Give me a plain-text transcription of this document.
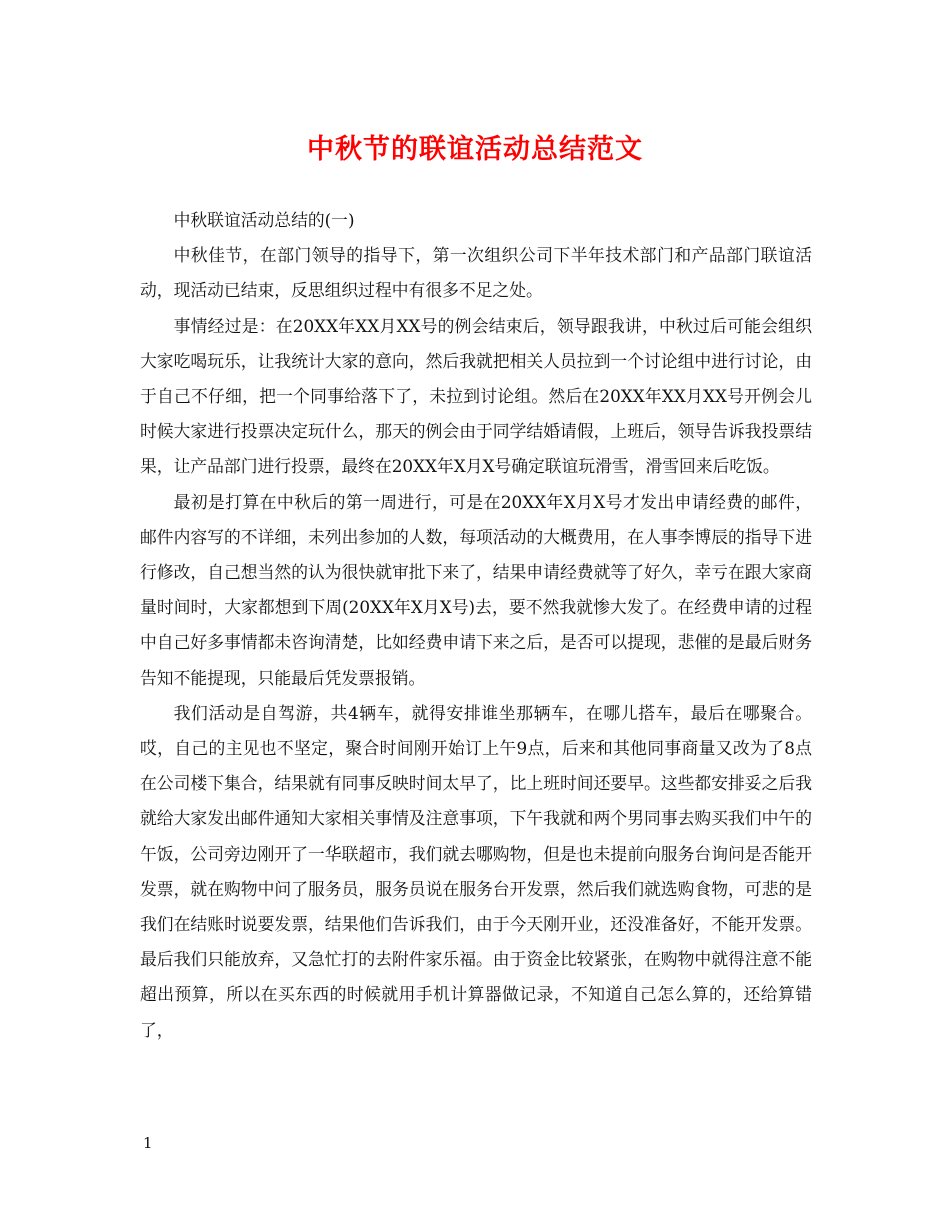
中秋节的联谊活动总结范文

中秋联谊活动总结的(一)

中秋佳节，在部门领导的指导下，第一次组织公司下半年技术部门和产品部门联谊活动，现活动已结束，反思组织过程中有很多不足之处。

事情经过是：在20XX年XX月XX号的例会结束后，领导跟我讲，中秋过后可能会组织大家吃喝玩乐，让我统计大家的意向，然后我就把相关人员拉到一个讨论组中进行讨论，由于自己不仔细，把一个同事给落下了，未拉到讨论组。然后在20XX年XX月XX号开例会儿时候大家进行投票决定玩什么，那天的例会由于同学结婚请假，上班后，领导告诉我投票结果，让产品部门进行投票，最终在20XX年X月X号确定联谊玩滑雪，滑雪回来后吃饭。

最初是打算在中秋后的第一周进行，可是在20XX年X月X号才发出申请经费的邮件，邮件内容写的不详细，未列出参加的人数，每项活动的大概费用，在人事李博辰的指导下进行修改，自己想当然的认为很快就审批下来了，结果申请经费就等了好久，幸亏在跟大家商量时间时，大家都想到下周(20XX年X月X号)去，要不然我就惨大发了。在经费申请的过程中自己好多事情都未咨询清楚，比如经费申请下来之后，是否可以提现，悲催的是最后财务告知不能提现，只能最后凭发票报销。

我们活动是自驾游，共4辆车，就得安排谁坐那辆车，在哪儿搭车，最后在哪聚合。哎，自己的主见也不坚定，聚合时间刚开始订上午9点，后来和其他同事商量又改为了8点在公司楼下集合，结果就有同事反映时间太早了，比上班时间还要早。这些都安排妥之后我就给大家发出邮件通知大家相关事情及注意事项，下午我就和两个男同事去购买我们中午的午饭，公司旁边刚开了一华联超市，我们就去哪购物，但是也未提前向服务台询问是否能开发票，就在购物中问了服务员，服务员说在服务台开发票，然后我们就选购食物，可悲的是我们在结账时说要发票，结果他们告诉我们，由于今天刚开业，还没准备好，不能开发票。最后我们只能放弃，又急忙打的去附件家乐福。由于资金比较紧张，在购物中就得注意不能超出预算，所以在买东西的时候就用手机计算器做记录，不知道自己怎么算的，还给算错了，

1
